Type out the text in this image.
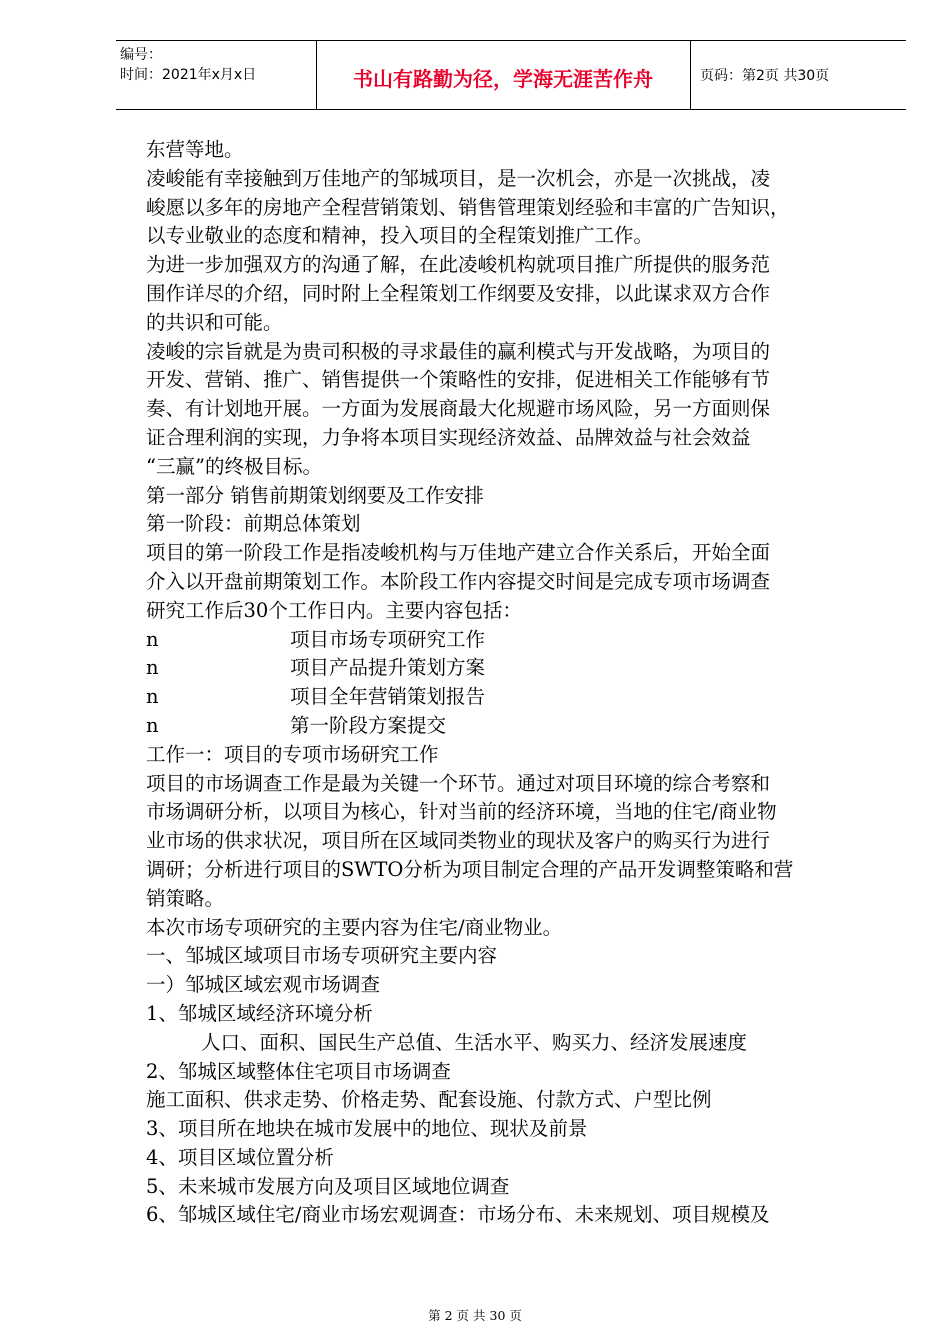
编号：
时间：2021年x月x日	书山有路勤为径，学海无涯苦作舟	页码：第2页 共30页

东营等地。

凌峻能有幸接触到万佳地产的邹城项目，是一次机会，亦是一次挑战，凌

峻愿以多年的房地产全程营销策划、销售管理策划经验和丰富的广告知识，

以专业敬业的态度和精神，投入项目的全程策划推广工作。

为进一步加强双方的沟通了解，在此凌峻机构就项目推广所提供的服务范

围作详尽的介绍，同时附上全程策划工作纲要及安排，以此谋求双方合作

的共识和可能。

凌峻的宗旨就是为贵司积极的寻求最佳的赢利模式与开发战略，为项目的

开发、营销、推广、销售提供一个策略性的安排，促进相关工作能够有节

奏、有计划地开展。一方面为发展商最大化规避市场风险，另一方面则保

证合理利润的实现，力争将本项目实现经济效益、品牌效益与社会效益

“三赢”的终极目标。

第一部分 销售前期策划纲要及工作安排

第一阶段：前期总体策划

项目的第一阶段工作是指凌峻机构与万佳地产建立合作关系后，开始全面

介入以开盘前期策划工作。本阶段工作内容提交时间是完成专项市场调查

研究工作后30个工作日内。主要内容包括：

n	项目市场专项研究工作

n	项目产品提升策划方案

n	项目全年营销策划报告

n	第一阶段方案提交

工作一：项目的专项市场研究工作

项目的市场调查工作是最为关键一个环节。通过对项目环境的综合考察和

市场调研分析，以项目为核心，针对当前的经济环境，当地的住宅/商业物

业市场的供求状况，项目所在区域同类物业的现状及客户的购买行为进行

调研；分析进行项目的SWTO分析为项目制定合理的产品开发调整策略和营

销策略。

本次市场专项研究的主要内容为住宅/商业物业。

一、邹城区域项目市场专项研究主要内容

一）邹城区域宏观市场调查

1、邹城区域经济环境分析

人口、面积、国民生产总值、生活水平、购买力、经济发展速度

2、邹城区域整体住宅项目市场调查

施工面积、供求走势、价格走势、配套设施、付款方式、户型比例

3、项目所在地块在城市发展中的地位、现状及前景

4、项目区域位置分析

5、未来城市发展方向及项目区域地位调查

6、邹城区域住宅/商业市场宏观调查：市场分布、未来规划、项目规模及

第 2 页 共 30 页
